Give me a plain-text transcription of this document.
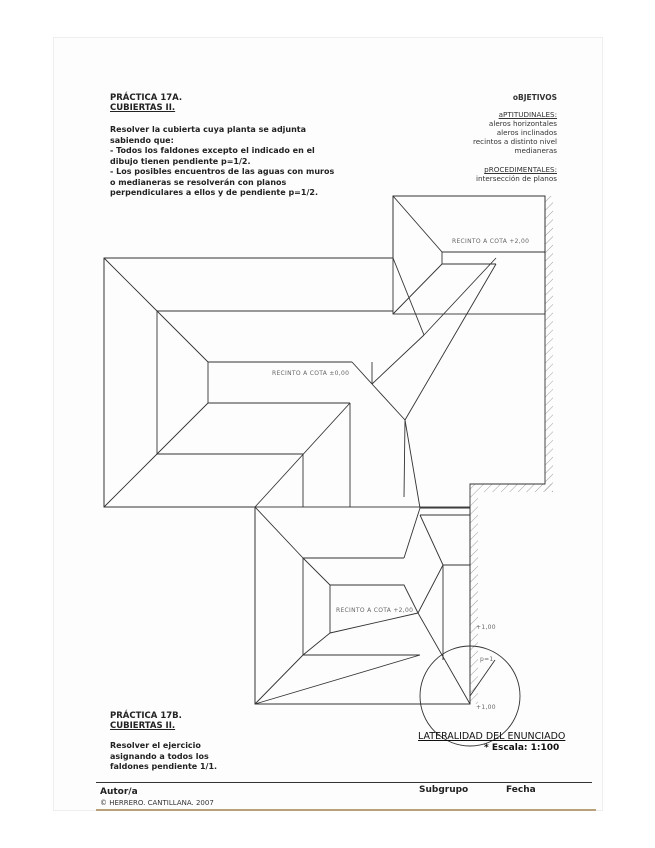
PRÁCTICA 17A.
CUBIERTAS II.
Resolver la cubierta cuya planta se adjunta
sabiendo que:
- Todos los faldones excepto el indicado en el
dibujo tienen pendiente p=1/2.
- Los posibles encuentros de las aguas con muros
o medianeras se resolverán con planos
perpendiculares a ellos y de pendiente p=1/2.
oBJETIVOS
aPTITUDINALES:
aleros horizontales
aleros inclinados
recintos a distinto nivel
medianeras
pROCEDIMENTALES:
intersección de planos
RECINTO A COTA +2,00
RECINTO A COTA ±0,00
RECINTO A COTA +2,00
+1,00
+1,00
p=1
PRÁCTICA 17B.
CUBIERTAS II.
Resolver el ejercicio
asignando a todos los
faldones pendiente 1/1.
LATERALIDAD DEL ENUNCIADO
* Escala: 1:100
Autor/a	Subgrupo	Fecha
© HERRERO. CANTILLANA. 2007
